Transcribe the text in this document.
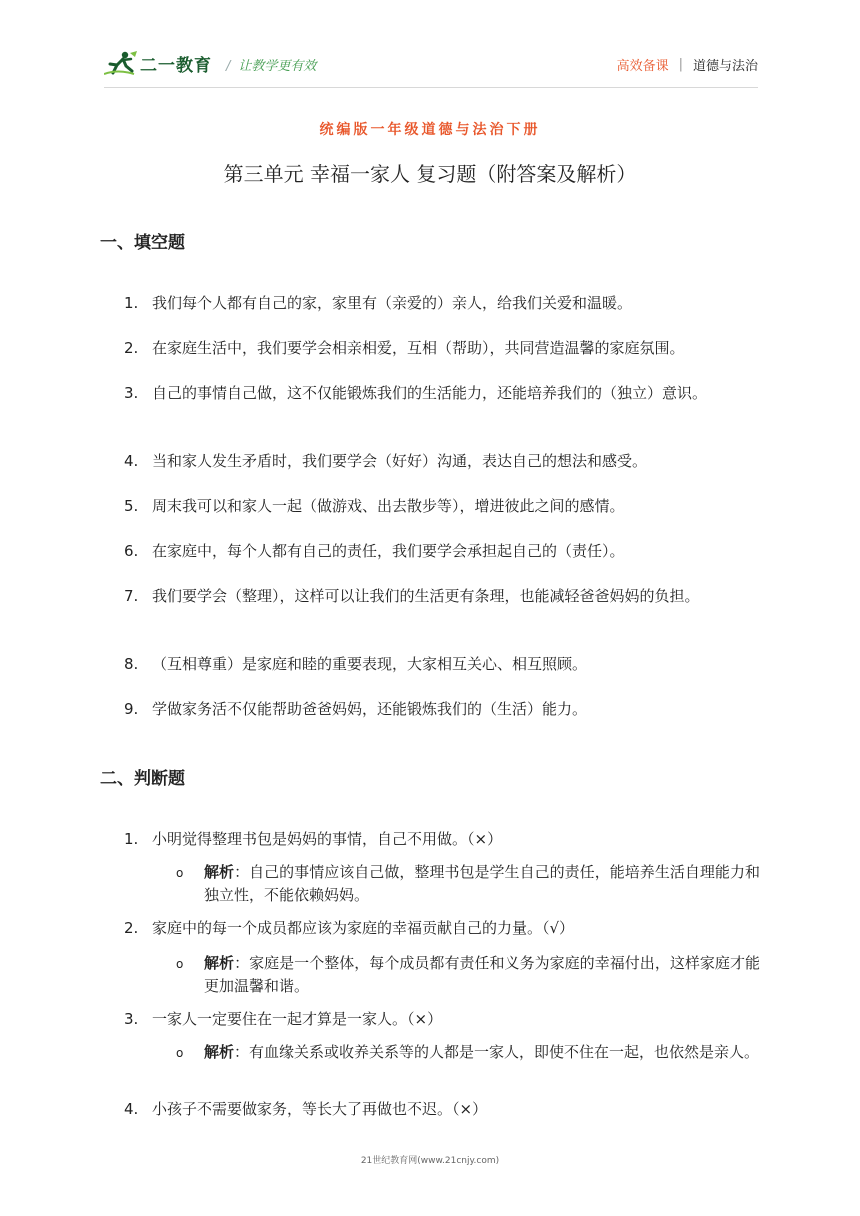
二一教育 / 让教学更有效	高效备课 | 道德与法治
统编版一年级道德与法治下册
第三单元 幸福一家人 复习题（附答案及解析）
一、填空题
1. 我们每个人都有自己的家，家里有（亲爱的）亲人，给我们关爱和温暖。
2. 在家庭生活中，我们要学会相亲相爱，互相（帮助），共同营造温馨的家庭氛围。
3. 自己的事情自己做，这不仅能锻炼我们的生活能力，还能培养我们的（独立）意识。
4. 当和家人发生矛盾时，我们要学会（好好）沟通，表达自己的想法和感受。
5. 周末我可以和家人一起（做游戏、出去散步等），增进彼此之间的感情。
6. 在家庭中，每个人都有自己的责任，我们要学会承担起自己的（责任）。
7. 我们要学会（整理），这样可以让我们的生活更有条理，也能减轻爸爸妈妈的负担。
8. （互相尊重）是家庭和睦的重要表现，大家相互关心、相互照顾。
9. 学做家务活不仅能帮助爸爸妈妈，还能锻炼我们的（生活）能力。
二、判断题
1. 小明觉得整理书包是妈妈的事情，自己不用做。（×）
o 解析：自己的事情应该自己做，整理书包是学生自己的责任，能培养生活自理能力和独立性，不能依赖妈妈。
2. 家庭中的每一个成员都应该为家庭的幸福贡献自己的力量。（√）
o 解析：家庭是一个整体，每个成员都有责任和义务为家庭的幸福付出，这样家庭才能更加温馨和谐。
3. 一家人一定要住在一起才算是一家人。（×）
o 解析：有血缘关系或收养关系等的人都是一家人，即使不住在一起，也依然是亲人。
4. 小孩子不需要做家务，等长大了再做也不迟。（×）
21世纪教育网(www.21cnjy.com)
